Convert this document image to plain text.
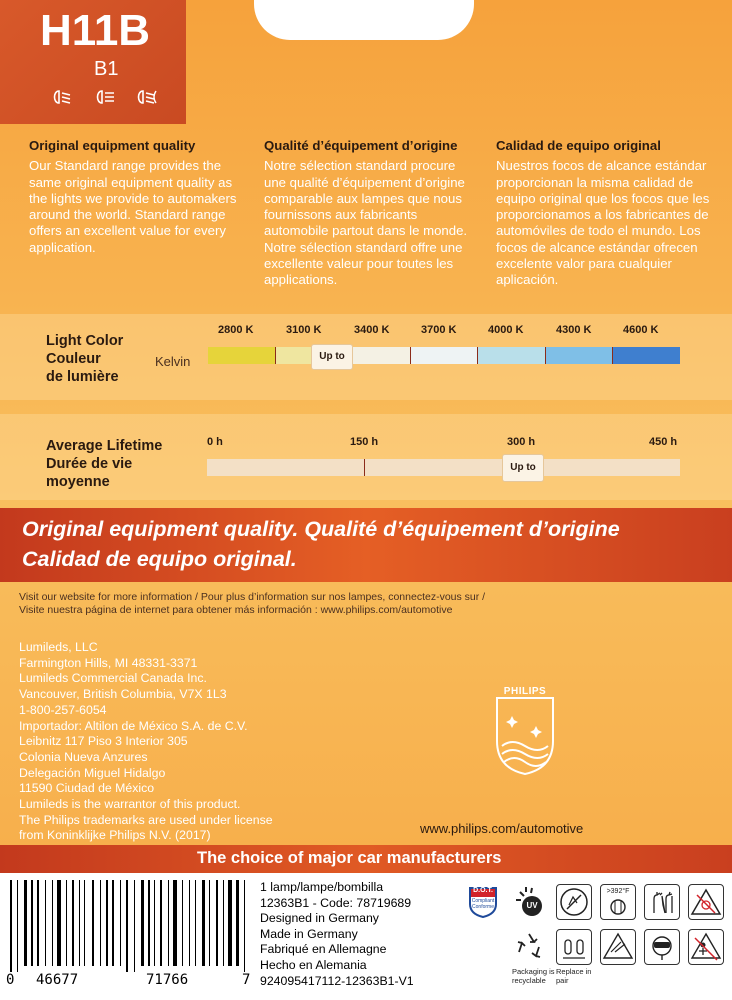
H11B
B1
Original equipment quality

Our Standard range provides the same original equipment quality as the lights we provide to automakers around the world. Standard range offers an excellent value for every application.

Qualité d’équipement d’origine

Notre sélection standard procure une qualité d’équipement d’origine comparable aux lampes que nous fournissons aux fabricants automobile partout dans le monde. Notre sélection standard offre une excellente valeur pour toutes les applications.

Calidad de equipo original

Nuestros focos de alcance estándar proporcionan la misma calidad de equipo original que los focos que les proporcionamos a los fabricantes de automóviles de todo el mundo. Los focos de alcance estándar ofrecen excelente valor para cualquier aplicación.

Light Color
Couleur
de lumière
Kelvin
2800 K	3100 K	3400 K	3700 K	4000 K	4300 K	4600 K
Up to
Average Lifetime
Durée de vie
moyenne
0 h	150 h	300 h	450 h
Up to
Original equipment quality. Qualité d’équipement d’origine
Calidad de equipo original.
Visit our website for more information / Pour plus d’information sur nos lampes, connectez-vous sur /
Visite nuestra página de internet para obtener más información : www.philips.com/automotive
Lumileds, LLC
Farmington Hills, MI 48331-3371
Lumileds Commercial Canada Inc.
Vancouver, British Columbia, V7X 1L3
1-800-257-6054
Importador: Altilon de México S.A. de C.V.
Leibnitz 117 Piso 3 Interior 305
Colonia Nueva Anzures
Delegación Miguel Hidalgo
11590 Ciudad de México
Lumileds is the warrantor of this product.
The Philips trademarks are used under license
from Koninklijke Philips N.V. (2017)
PHILIPS
www.philips.com/automotive
The choice of major car manufacturers
0 46677	71766	7
1 lamp/lampe/bombilla
12363B1 - Code: 78719689
Designed in Germany
Made in Germany
Fabriqué en Allemagne
Hecho en Alemania
924095417112-12363B1-V1
D.O.T.
Compliant Conforme	UV
>392°F
Packaging is recyclable
Replace in pair
